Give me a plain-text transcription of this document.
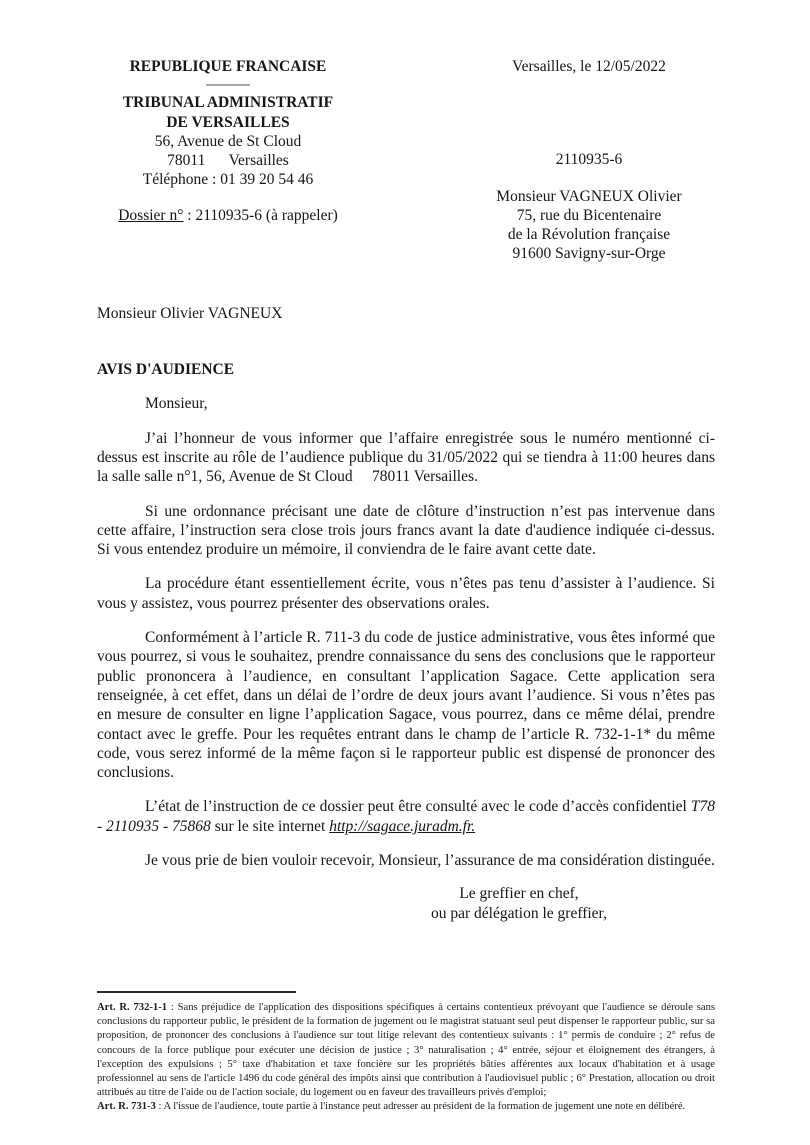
REPUBLIQUE FRANCAISE
TRIBUNAL ADMINISTRATIF
DE VERSAILLES
56, Avenue de St Cloud
78011      Versailles
Téléphone : 01 39 20 54 46
Dossier n° : 2110935-6 (à rappeler)
Versailles, le 12/05/2022
2110935-6
Monsieur VAGNEUX Olivier
75, rue du Bicentenaire
de la Révolution française
91600 Savigny-sur-Orge
Monsieur Olivier VAGNEUX
AVIS D'AUDIENCE

Monsieur,

J’ai l’honneur de vous informer que l’affaire enregistrée sous le numéro mentionné ci-dessus est inscrite au rôle de l’audience publique du 31/05/2022 qui se tiendra à 11:00 heures dans la salle salle n°1, 56, Avenue de St Cloud     78011 Versailles.

Si une ordonnance précisant une date de clôture d’instruction n’est pas intervenue dans cette affaire, l’instruction sera close trois jours francs avant la date d'audience indiquée ci-dessus. Si vous entendez produire un mémoire, il conviendra de le faire avant cette date.

La procédure étant essentiellement écrite, vous n’êtes pas tenu d’assister à l’audience. Si vous y assistez, vous pourrez présenter des observations orales.

Conformément à l’article R. 711-3 du code de justice administrative, vous êtes informé que vous pourrez, si vous le souhaitez, prendre connaissance du sens des conclusions que le rapporteur public prononcera à l’audience, en consultant l’application Sagace. Cette application sera renseignée, à cet effet, dans un délai de l’ordre de deux jours avant l’audience. Si vous n’êtes pas en mesure de consulter en ligne l’application Sagace, vous pourrez, dans ce même délai, prendre contact avec le greffe. Pour les requêtes entrant dans le champ de l’article R. 732-1-1* du même code, vous serez informé de la même façon si le rapporteur public est dispensé de prononcer des conclusions.

L’état de l’instruction de ce dossier peut être consulté avec le code d’accès confidentiel T78 - 2110935 - 75868 sur le site internet http://sagace.juradm.fr.

Je vous prie de bien vouloir recevoir, Monsieur, l’assurance de ma considération distinguée.

Le greffier en chef,
ou par délégation le greffier,

Art. R. 732-1-1 : Sans préjudice de l'application des dispositions spécifiques à certains contentieux prévoyant que l'audience se déroule sans conclusions du rapporteur public, le président de la formation de jugement ou le magistrat statuant seul peut dispenser le rapporteur public, sur sa proposition, de prononcer des conclusions à l'audience sur tout litige relevant des contentieux suivants : 1° permis de conduire ; 2° refus de concours de la force publique pour exécuter une décision de justice ; 3° naturalisation ; 4° entrée, séjour et éloignement des étrangers, à l'exception des expulsions ; 5° taxe d'habitation et taxe foncière sur les propriétés bâties afférentes aux locaux d'habitation et à usage professionnel au sens de l'article 1496 du code général des impôts ainsi que contribution à l'audiovisuel public ; 6° Prestation, allocation ou droit attribués au titre de l'aide ou de l'action sociale, du logement ou en faveur des travailleurs privés d'emploi;

Art. R. 731-3 : A l'issue de l'audience, toute partie à l'instance peut adresser au président de la formation de jugement une note en délibéré.
